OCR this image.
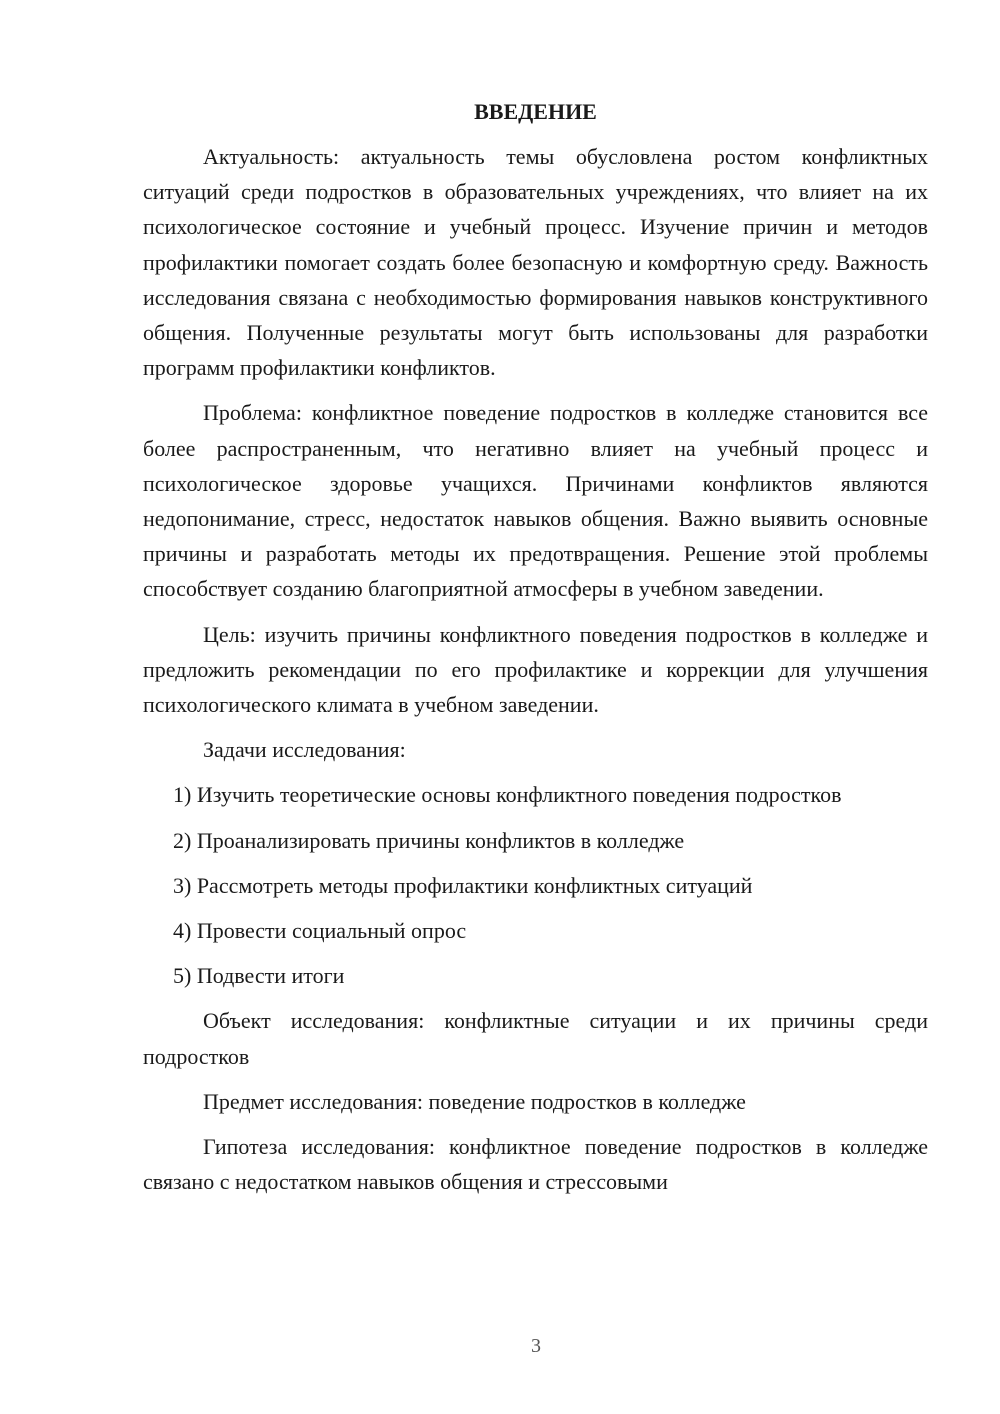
ВВЕДЕНИЕ

Актуальность: актуальность темы обусловлена ростом конфликтных ситуаций среди подростков в образовательных учреждениях, что влияет на их психологическое состояние и учебный процесс. Изучение причин и методов профилактики помогает создать более безопасную и комфортную среду. Важность исследования связана с необходимостью формирования навыков конструктивного общения. Полученные результаты могут быть использованы для разработки программ профилактики конфликтов.

Проблема: конфликтное поведение подростков в колледже становится все более распространенным, что негативно влияет на учебный процесс и психологическое здоровье учащихся. Причинами конфликтов являются недопонимание, стресс, недостаток навыков общения. Важно выявить основные причины и разработать методы их предотвращения. Решение этой проблемы способствует созданию благоприятной атмосферы в учебном заведении.

Цель: изучить причины конфликтного поведения подростков в колледже и предложить рекомендации по его профилактике и коррекции для улучшения психологического климата в учебном заведении.

Задачи исследования:

1) Изучить теоретические основы конфликтного поведения подростков

2) Проанализировать причины конфликтов в колледже

3) Рассмотреть методы профилактики конфликтных ситуаций

4) Провести социальный опрос

5) Подвести итоги

Объект исследования: конфликтные ситуации и их причины среди подростков

Предмет исследования: поведение подростков в колледже

Гипотеза исследования: конфликтное поведение подростков в колледже связано с недостатком навыков общения и стрессовыми

3
